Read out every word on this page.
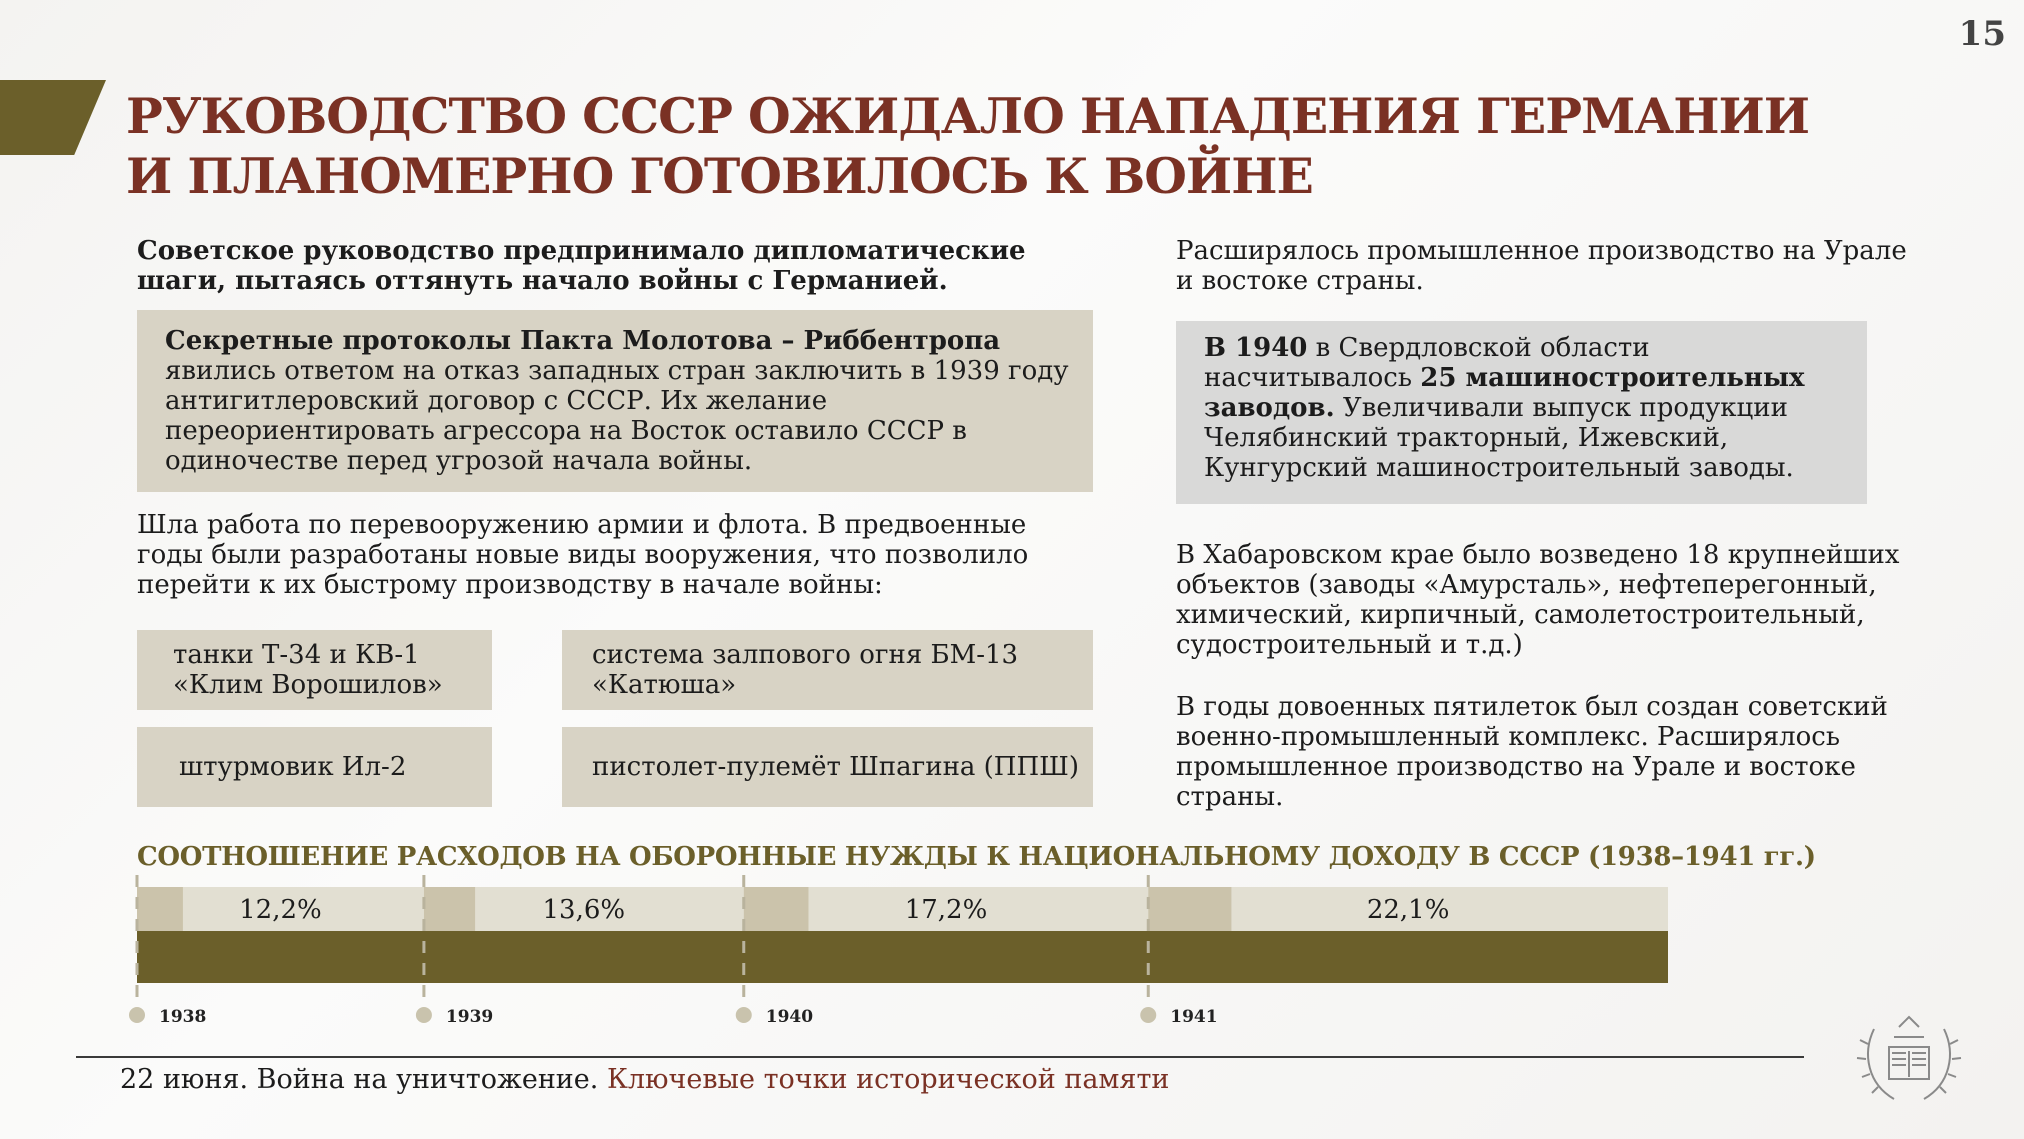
15
РУКОВОДСТВО СССР ОЖИДАЛО НАПАДЕНИЯ ГЕРМАНИИ
И ПЛАНОМЕРНО ГОТОВИЛОСЬ К ВОЙНЕ
Советское руководство предпринимало дипломатические шаги, пытаясь оттянуть начало войны с Германией.
Секретные протоколы Пакта Молотова – Риббентропа явились ответом на отказ западных стран заключить в 1939 году антигитлеровский договор с СССР. Их желание переориентировать агрессора на Восток оставило СССР в одиночестве перед угрозой начала войны.
Шла работа по перевооружению армии и флота. В предвоенные годы были разработаны новые виды вооружения, что позволило перейти к их быстрому производству в начале войны:
танки Т-34 и КВ-1 «Клим Ворошилов»
система залпового огня БМ-13 «Катюша»
штурмовик Ил-2	пистолет-пулемёт Шпагина (ППШ)
Расширялось промышленное производство на Урале и востоке страны.
В 1940 в Свердловской области насчитывалось 25 машиностроительных заводов. Увеличивали выпуск продукции Челябинский тракторный, Ижевский, Кунгурский машиностроительный заводы.
В Хабаровском крае было возведено 18 крупнейших объектов (заводы «Амурсталь», нефтеперегонный, химический, кирпичный, самолетостроительный, судостроительный и т.д.)
В годы довоенных пятилеток был создан советский военно-промышленный комплекс. Расширялось промышленное производство на Урале и востоке страны.
СООТНОШЕНИЕ РАСХОДОВ НА ОБОРОННЫЕ НУЖДЫ К НАЦИОНАЛЬНОМУ ДОХОДУ В СССР (1938–1941 гг.)
12,2%
1938
13,6%
1939
17,2%
1940
22,1%
1941
22 июня. Война на уничтожение. Ключевые точки исторической памяти
